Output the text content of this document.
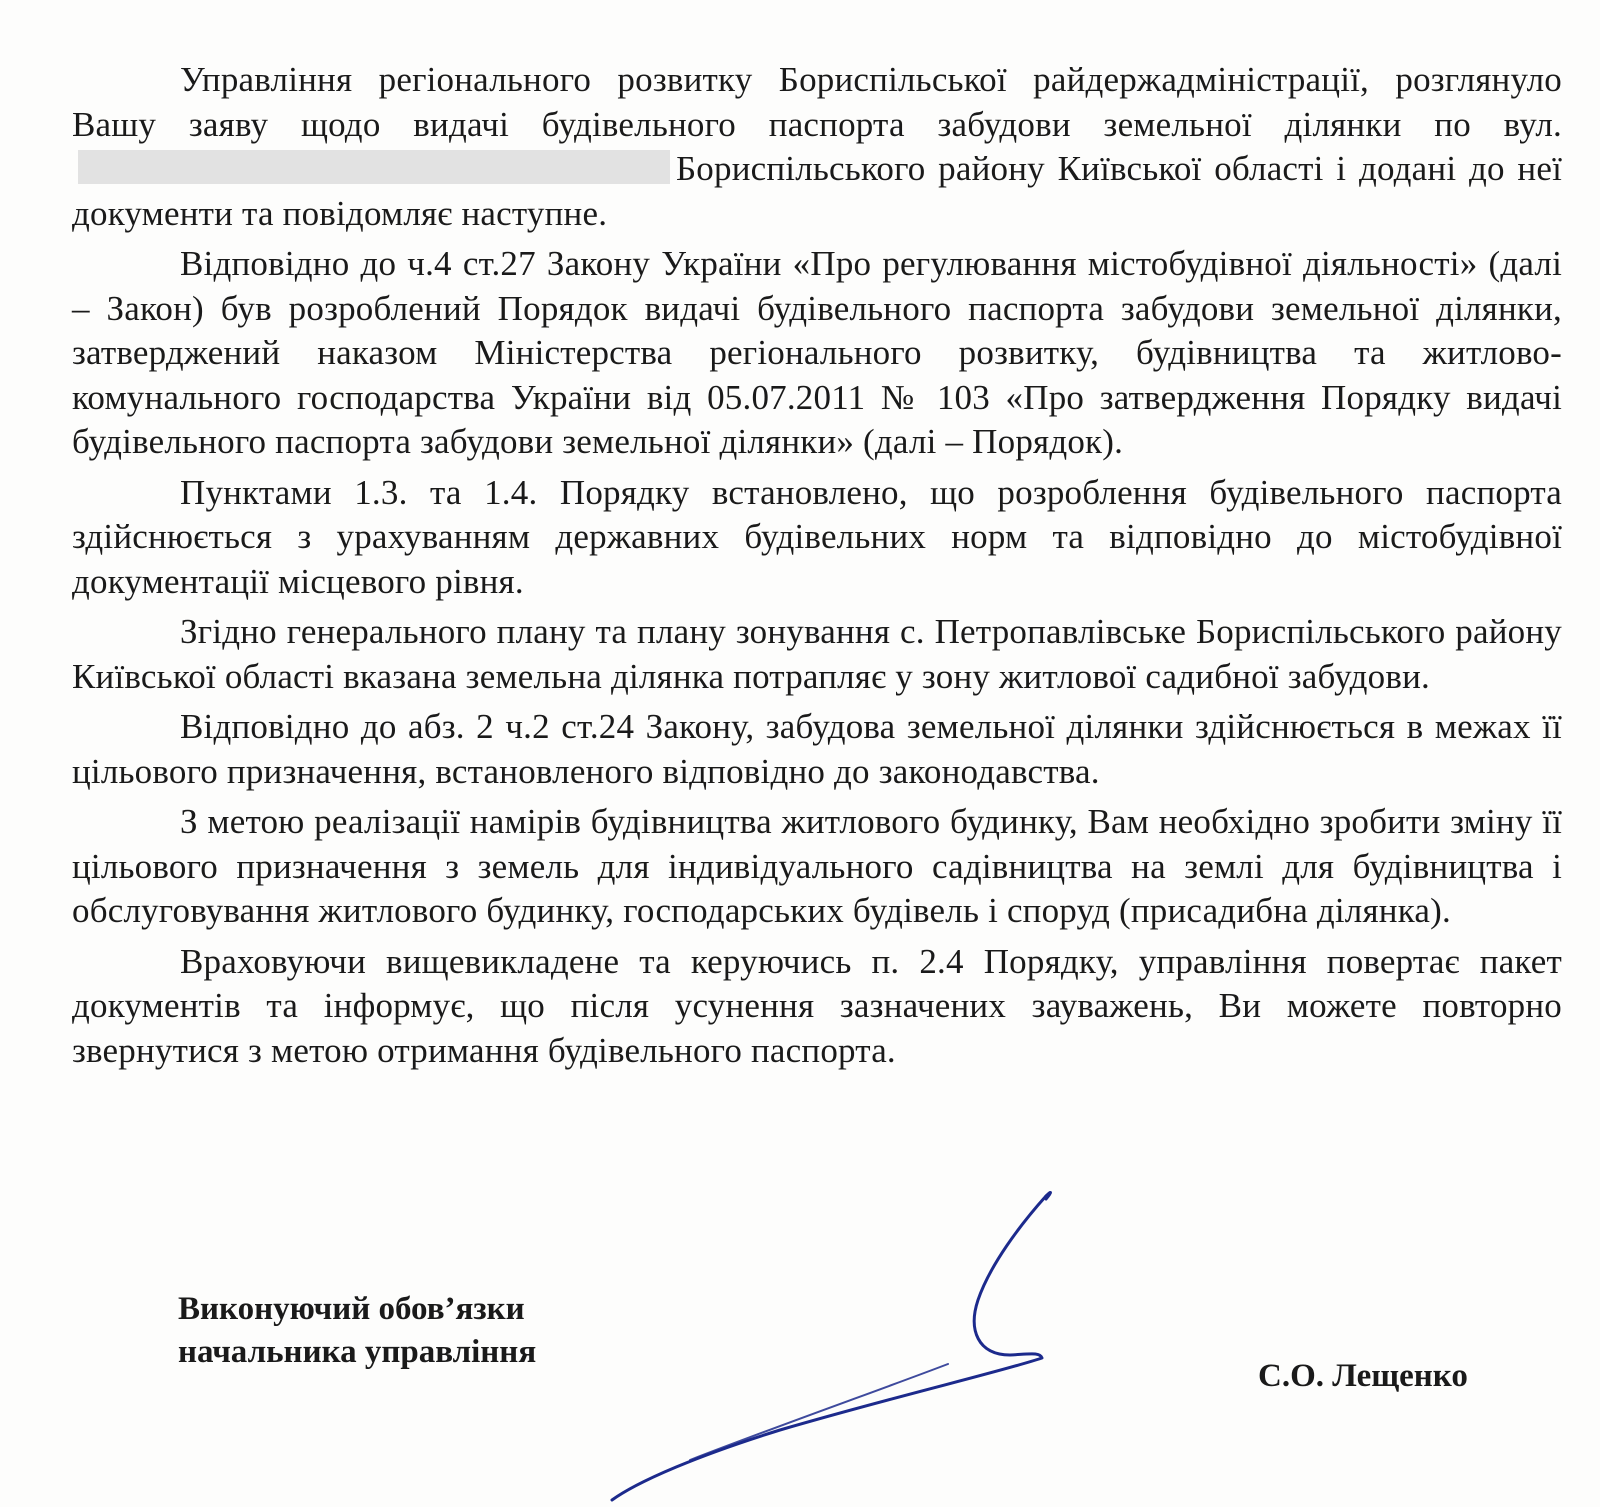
Управління регіонального розвитку Бориспільської райдержадміністрації, розглянуло Вашу заяву щодо видачі будівельного паспорта забудови земельної ділянки по вул.Бориспільського району Київської області і додані до неї документи та повідомляє наступне.

Відповідно до ч.4 ст.27 Закону України «Про регулювання містобудівної діяльності» (далі – Закон) був розроблений Порядок видачі будівельного паспорта забудови земельної ділянки, затверджений наказом Міністерства регіонального розвитку, будівництва та житлово-комунального господарства України від 05.07.2011 № 103 «Про затвердження Порядку видачі будівельного паспорта забудови земельної ділянки» (далі – Порядок).

Пунктами 1.3. та 1.4. Порядку встановлено, що розроблення будівельного паспорта здійснюється з урахуванням державних будівельних норм та відповідно до містобудівної документації місцевого рівня.

Згідно генерального плану та плану зонування с. Петропавлівське Бориспільського району Київської області вказана земельна ділянка потрапляє у зону житлової садибної забудови.

Відповідно до абз. 2 ч.2 ст.24 Закону, забудова земельної ділянки здійснюється в межах її цільового призначення, встановленого відповідно до законодавства.

З метою реалізації намірів будівництва житлового будинку, Вам необхідно зробити зміну її цільового призначення з земель для індивідуального садівництва на землі для будівництва і обслуговування житлового будинку, господарських будівель і споруд (присадибна ділянка).

Враховуючи вищевикладене та керуючись п. 2.4 Порядку, управління повертає пакет документів та інформує, що після усунення зазначених зауважень, Ви можете повторно звернутися з метою отримання будівельного паспорта.

Виконуючий обов’язки
начальника управління
С.О. Лещенко
